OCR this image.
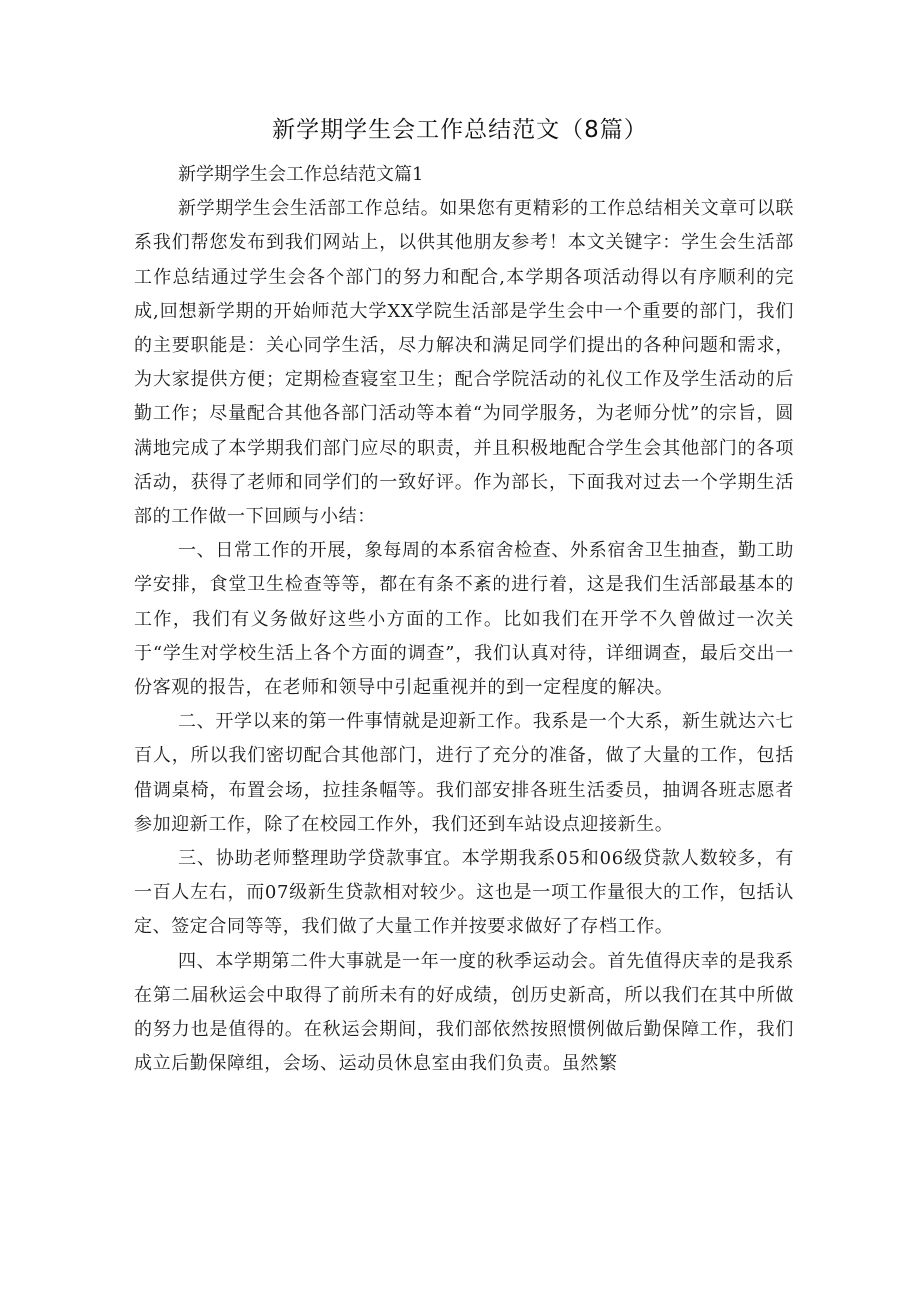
新学期学生会工作总结范文（8篇）

新学期学生会工作总结范文篇1

新学期学生会生活部工作总结。如果您有更精彩的工作总结相关文章可以联系我们帮您发布到我们网站上，以供其他朋友参考！本文关键字：学生会生活部工作总结通过学生会各个部门的努力和配合,本学期各项活动得以有序顺利的完成,回想新学期的开始师范大学XX学院生活部是学生会中一个重要的部门，我们的主要职能是：关心同学生活，尽力解决和满足同学们提出的各种问题和需求，为大家提供方便；定期检查寝室卫生；配合学院活动的礼仪工作及学生活动的后勤工作；尽量配合其他各部门活动等本着“为同学服务，为老师分忧”的宗旨，圆满地完成了本学期我们部门应尽的职责，并且积极地配合学生会其他部门的各项活动，获得了老师和同学们的一致好评。作为部长，下面我对过去一个学期生活部的工作做一下回顾与小结：

一、日常工作的开展，象每周的本系宿舍检查、外系宿舍卫生抽查，勤工助学安排，食堂卫生检查等等，都在有条不紊的进行着，这是我们生活部最基本的工作，我们有义务做好这些小方面的工作。比如我们在开学不久曾做过一次关于“学生对学校生活上各个方面的调查”，我们认真对待，详细调查，最后交出一份客观的报告，在老师和领导中引起重视并的到一定程度的解决。

二、开学以来的第一件事情就是迎新工作。我系是一个大系，新生就达六七百人，所以我们密切配合其他部门，进行了充分的准备，做了大量的工作，包括借调桌椅，布置会场，拉挂条幅等。我们部安排各班生活委员，抽调各班志愿者参加迎新工作，除了在校园工作外，我们还到车站设点迎接新生。

三、协助老师整理助学贷款事宜。本学期我系05和06级贷款人数较多，有一百人左右，而07级新生贷款相对较少。这也是一项工作量很大的工作，包括认定、签定合同等等，我们做了大量工作并按要求做好了存档工作。

四、本学期第二件大事就是一年一度的秋季运动会。首先值得庆幸的是我系在第二届秋运会中取得了前所未有的好成绩，创历史新高，所以我们在其中所做的努力也是值得的。在秋运会期间，我们部依然按照惯例做后勤保障工作，我们成立后勤保障组，会场、运动员休息室由我们负责。虽然繁
